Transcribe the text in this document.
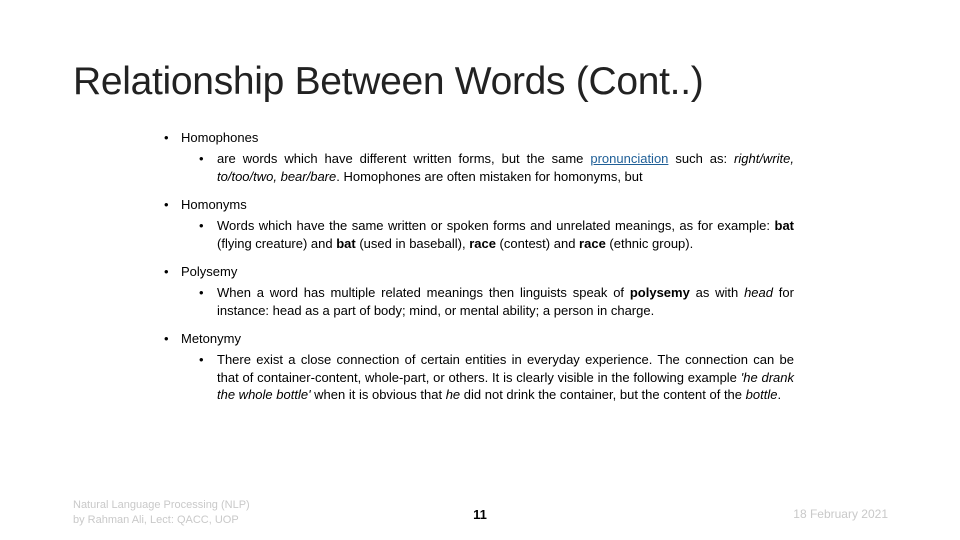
Relationship Between Words (Cont..)
• Homophones
• are words which have different written forms, but the same pronunciation such as: right/write, to/too/two, bear/bare. Homophones are often mistaken for homonyms, but
• Homonyms
• Words which have the same written or spoken forms and unrelated meanings, as for example: bat (flying creature) and bat (used in baseball), race (contest) and race (ethnic group).
• Polysemy
• When a word has multiple related meanings then linguists speak of polysemy as with head for instance: head as a part of body; mind, or mental ability; a person in charge.
• Metonymy
• There exist a close connection of certain entities in everyday experience. The connection can be that of container-content, whole-part, or others. It is clearly visible in the following example 'he drank the whole bottle' when it is obvious that he did not drink the container, but the content of the bottle.
Natural Language Processing (NLP)
by Rahman Ali, Lect: QACC, UOP	11	18 February 2021
